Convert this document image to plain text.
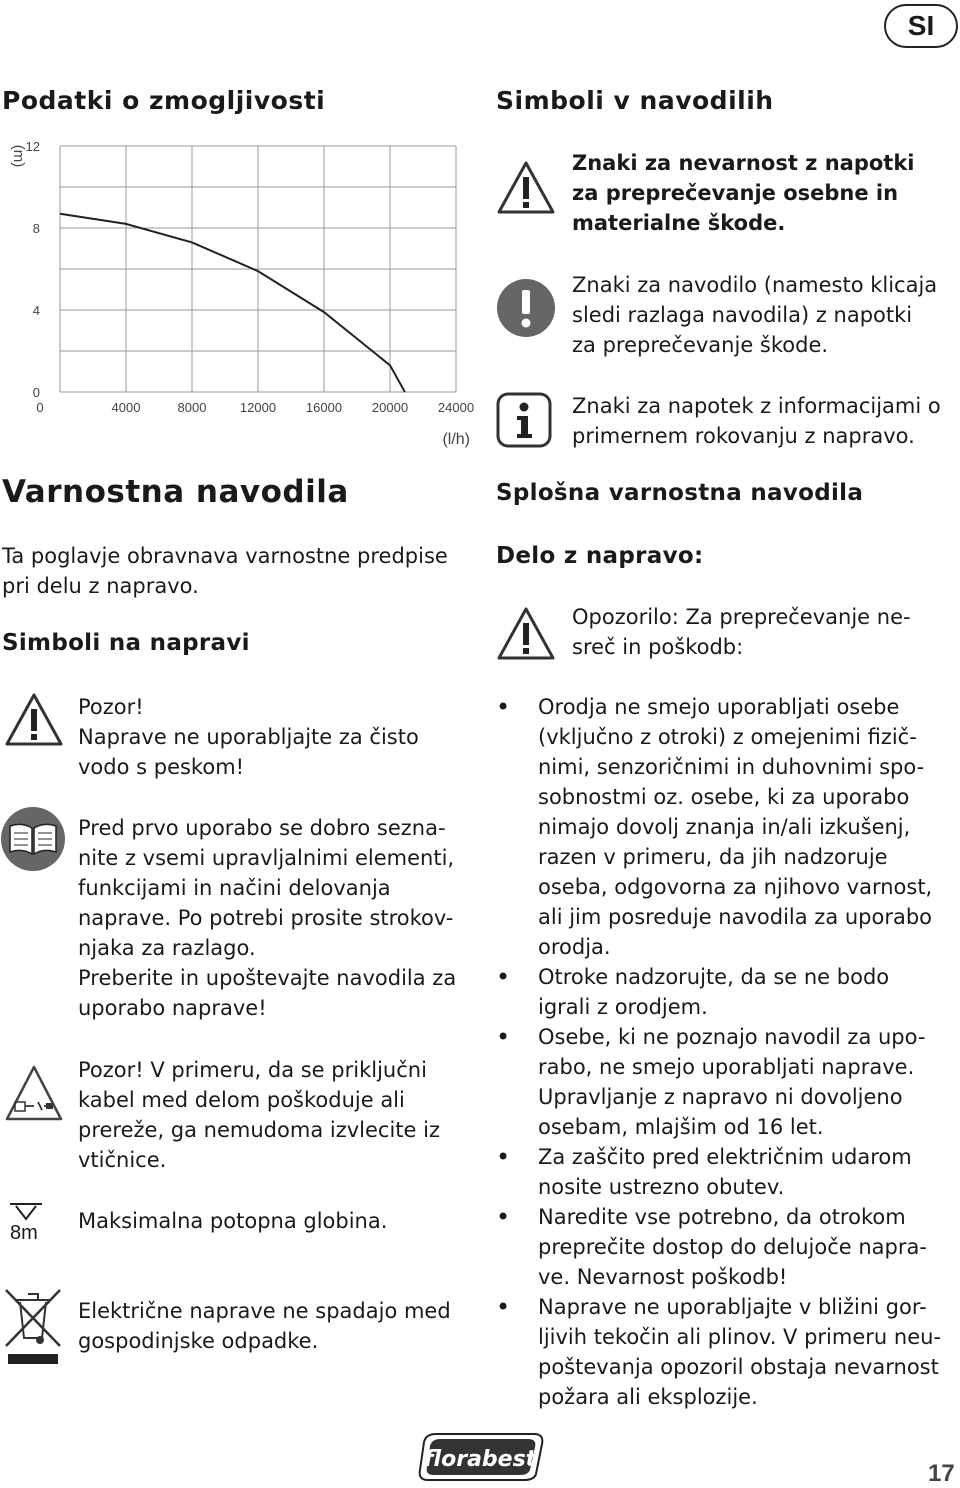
SI
Podatki o zmogljivosti
0
4
8
12
0	4000	8000	12000 16000 20000 24000
(m)
(l/h)
Varnostna navodila
Ta poglavje obravnava varnostne predpise
pri delu z napravo.
Simboli na napravi
Pozor!
Naprave ne uporabljajte za čisto
vodo s peskom!
Pred prvo uporabo se dobro sezna-
nite z vsemi upravljalnimi elementi,
funkcijami in načini delovanja
naprave. Po potrebi prosite strokov-
njaka za razlago.
Preberite in upoštevajte navodila za
uporabo naprave!
Pozor! V primeru, da se priključni
kabel med delom poškoduje ali
prereže, ga nemudoma izvlecite iz
vtičnice.
8m Maksimalna potopna globina.
Električne naprave ne spadajo med
gospodinjske odpadke.
Simboli v navodilih
Znaki za nevarnost z napotki
za preprečevanje osebne in
materialne škode.
Znaki za navodilo (namesto klicaja
sledi razlaga navodila) z napotki
za preprečevanje škode.
Znaki za napotek z informacijami o
primernem rokovanju z napravo.
Splošna varnostna navodila
Delo z napravo:
Opozorilo: Za preprečevanje ne-
sreč in poškodb:
• Orodja ne smejo uporabljati osebe
(vključno z otroki) z omejenimi fizič-
nimi, senzoričnimi in duhovnimi spo-
sobnostmi oz. osebe, ki za uporabo
nimajo dovolj znanja in/ali izkušenj,
razen v primeru, da jih nadzoruje
oseba, odgovorna za njihovo varnost,
ali jim posreduje navodila za uporabo
orodja.
• Otroke nadzorujte, da se ne bodo
igrali z orodjem.
• Osebe, ki ne poznajo navodil za upo-
rabo, ne smejo uporabljati naprave.
Upravljanje z napravo ni dovoljeno
osebam, mlajšim od 16 let.
• Za zaščito pred električnim udarom
nosite ustrezno obutev.
• Naredite vse potrebno, da otrokom
preprečite dostop do delujoče napra-
ve. Nevarnost poškodb!
• Naprave ne uporabljajte v bližini gor-
ljivih tekočin ali plinov. V primeru neu-
poštevanja opozoril obstaja nevarnost
požara ali eksplozije.
florabest
17
